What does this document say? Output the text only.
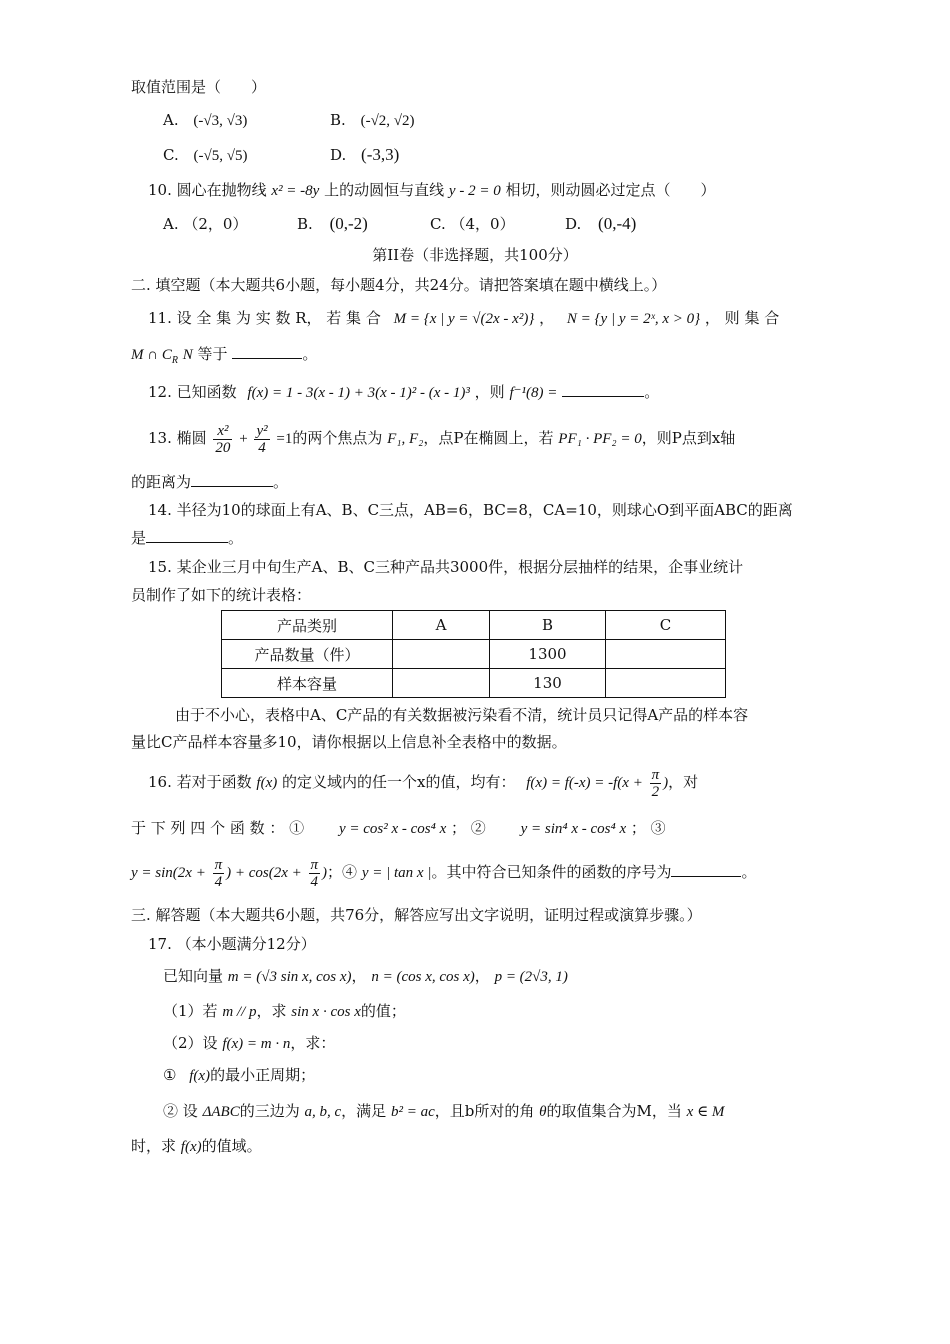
取值范围是（　　）
A. (-√3, √3)	B. (-√2, √2)
C. (-√5, √5)	D. (-3,3)
10. 圆心在抛物线 x² = -8y 上的动圆恒与直线 y - 2 = 0 相切，则动圆必过定点（　　）
A. （2，0）	B. (0,-2)	C. （4，0）	D. (0,-4)
第II卷（非选择题，共100分）
二. 填空题（本大题共6小题，每小题4分，共24分。请把答案填在题中横线上。）
11. 设 全 集 为 实 数 R， 若 集 合 M = {x | y = √(2x - x²)} ， N = {y | y = 2ˣ, x > 0} ， 则 集 合
M ∩ $C_R$ N 等于	。
12. 已知函数 f(x) = 1 - 3(x - 1) + 3(x - 1)² - (x - 1)³ ，则 f⁻¹(8) =	。
13. 椭圆 $\frac{\text{x²}}{20} + \frac{\text{y²}}{4} =1$的两个焦点为 F₁, F₂，点P在椭圆上，若 PF₁ · PF₂ = 0，则P点到x轴
的距离为	。
14. 半径为10的球面上有A、B、C三点，AB=6，BC=8，CA=10，则球心O到平面ABC的距离
是	。
15. 某企业三月中旬生产A、B、C三种产品共3000件，根据分层抽样的结果，企事业统计
员制作了如下的统计表格：
产品类别	A	B	C
产品数量（件）		1300	
样本容量		130	
由于不小心，表格中A、C产品的有关数据被污染看不清，统计员只记得A产品的样本容
量比C产品样本容量多10，请你根据以上信息补全表格中的数据。
16. 若对于函数 f(x) 的定义域内的任一个x的值，均有： $f(x) = f(-x) = -f(x + \frac{\pi}{2}$ )，对
于 下 列 四 个 函 数 ： ① y = cos² x - cos⁴ x ； ② y = sin⁴ x - cos⁴ x ； ③
$y = \sin(2x + \frac{\pi}{4}$ ) + $\cos(2x + \frac{\pi}{4}$ )；④ y = | tan x |。其中符合已知条件的函数的序号为	。
三. 解答题（本大题共6小题，共76分，解答应写出文字说明，证明过程或演算步骤。）
17. （本小题满分12分）
已知向量 m = (√3 sin x, cos x)， n = (cos x, cos x)， p = (2√3, 1)
（1）若 m // p，求 sin x · cos x的值；
（2）设 f(x) = m · n，求：
① f(x)的最小正周期；
② 设 ΔABC的三边为 a, b, c，满足 b² = ac，且b所对的角 θ的取值集合为M，当 x ∈ M
时，求 f(x)的值域。
